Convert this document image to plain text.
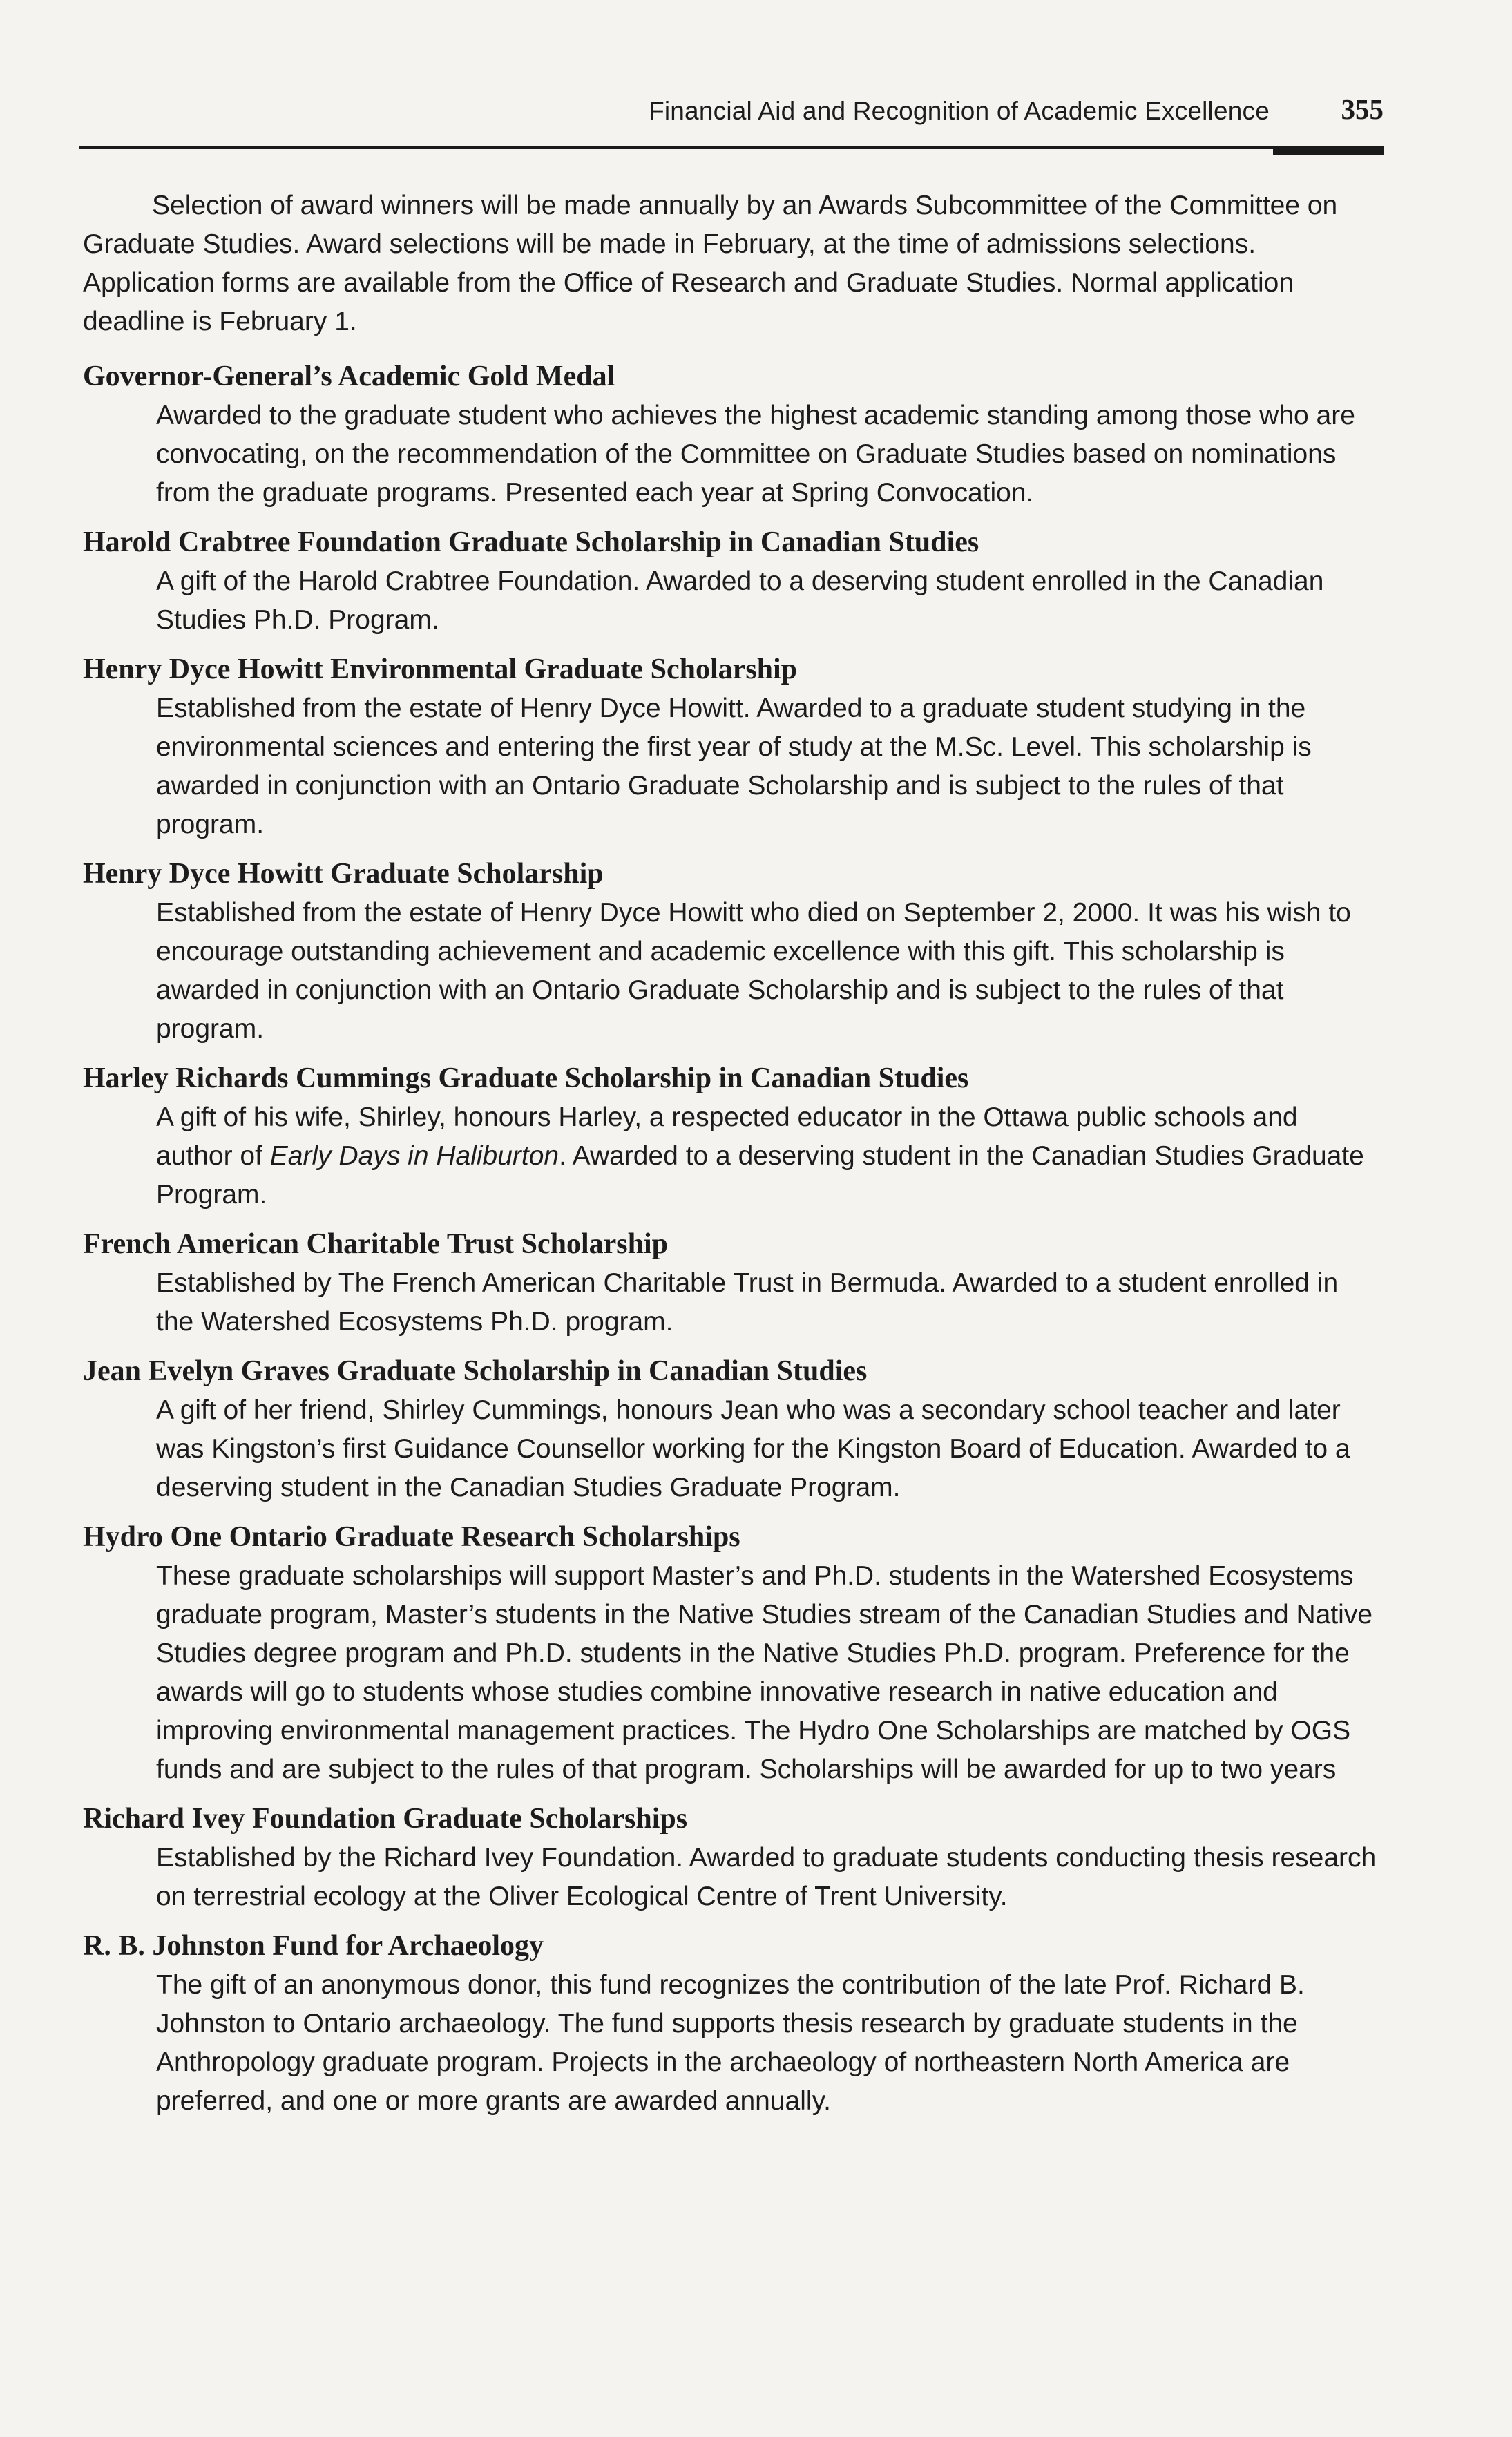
Financial Aid and Recognition of Academic Excellence	355

Selection of award winners will be made annually by an Awards Subcommittee of the Committee on Graduate Studies. Award selections will be made in February, at the time of admissions selections. Application forms are available from the Office of Research and Graduate Studies. Normal application deadline is February 1.

Governor-General’s Academic Gold Medal

Awarded to the graduate student who achieves the highest academic standing among those who are convocating, on the recommendation of the Committee on Graduate Studies based on nominations from the graduate programs. Presented each year at Spring Convocation.

Harold Crabtree Foundation Graduate Scholarship in Canadian Studies

A gift of the Harold Crabtree Foundation. Awarded to a deserving student enrolled in the Canadian Studies Ph.D. Program.

Henry Dyce Howitt Environmental Graduate Scholarship

Established from the estate of Henry Dyce Howitt. Awarded to a graduate student studying in the environmental sciences and entering the first year of study at the M.Sc. Level. This scholarship is awarded in conjunction with an Ontario Graduate Scholarship and is subject to the rules of that program.

Henry Dyce Howitt Graduate Scholarship

Established from the estate of Henry Dyce Howitt who died on September 2, 2000. It was his wish to encourage outstanding achievement and academic excellence with this gift. This scholarship is awarded in conjunction with an Ontario Graduate Scholarship and is subject to the rules of that program.

Harley Richards Cummings Graduate Scholarship in Canadian Studies

A gift of his wife, Shirley, honours Harley, a respected educator in the Ottawa public schools and author of Early Days in Haliburton. Awarded to a deserving student in the Canadian Studies Graduate Program.

French American Charitable Trust Scholarship

Established by The French American Charitable Trust in Bermuda. Awarded to a student enrolled in the Watershed Ecosystems Ph.D. program.

Jean Evelyn Graves Graduate Scholarship in Canadian Studies

A gift of her friend, Shirley Cummings, honours Jean who was a secondary school teacher and later was Kingston’s first Guidance Counsellor working for the Kingston Board of Education. Awarded to a deserving student in the Canadian Studies Graduate Program.

Hydro One Ontario Graduate Research Scholarships

These graduate scholarships will support Master’s and Ph.D. students in the Watershed Ecosystems graduate program, Master’s students in the Native Studies stream of the Canadian Studies and Native Studies degree program and Ph.D. students in the Native Studies Ph.D. program. Preference for the awards will go to students whose studies combine innovative research in native education and improving environmental management practices. The Hydro One Scholarships are matched by OGS funds and are subject to the rules of that program. Scholarships will be awarded for up to two years

Richard Ivey Foundation Graduate Scholarships

Established by the Richard Ivey Foundation. Awarded to graduate students conducting thesis research on terrestrial ecology at the Oliver Ecological Centre of Trent University.

R. B. Johnston Fund for Archaeology

The gift of an anonymous donor, this fund recognizes the contribution of the late Prof. Richard B. Johnston to Ontario archaeology. The fund supports thesis research by graduate students in the Anthropology graduate program. Projects in the archaeology of northeastern North America are preferred, and one or more grants are awarded annually.
